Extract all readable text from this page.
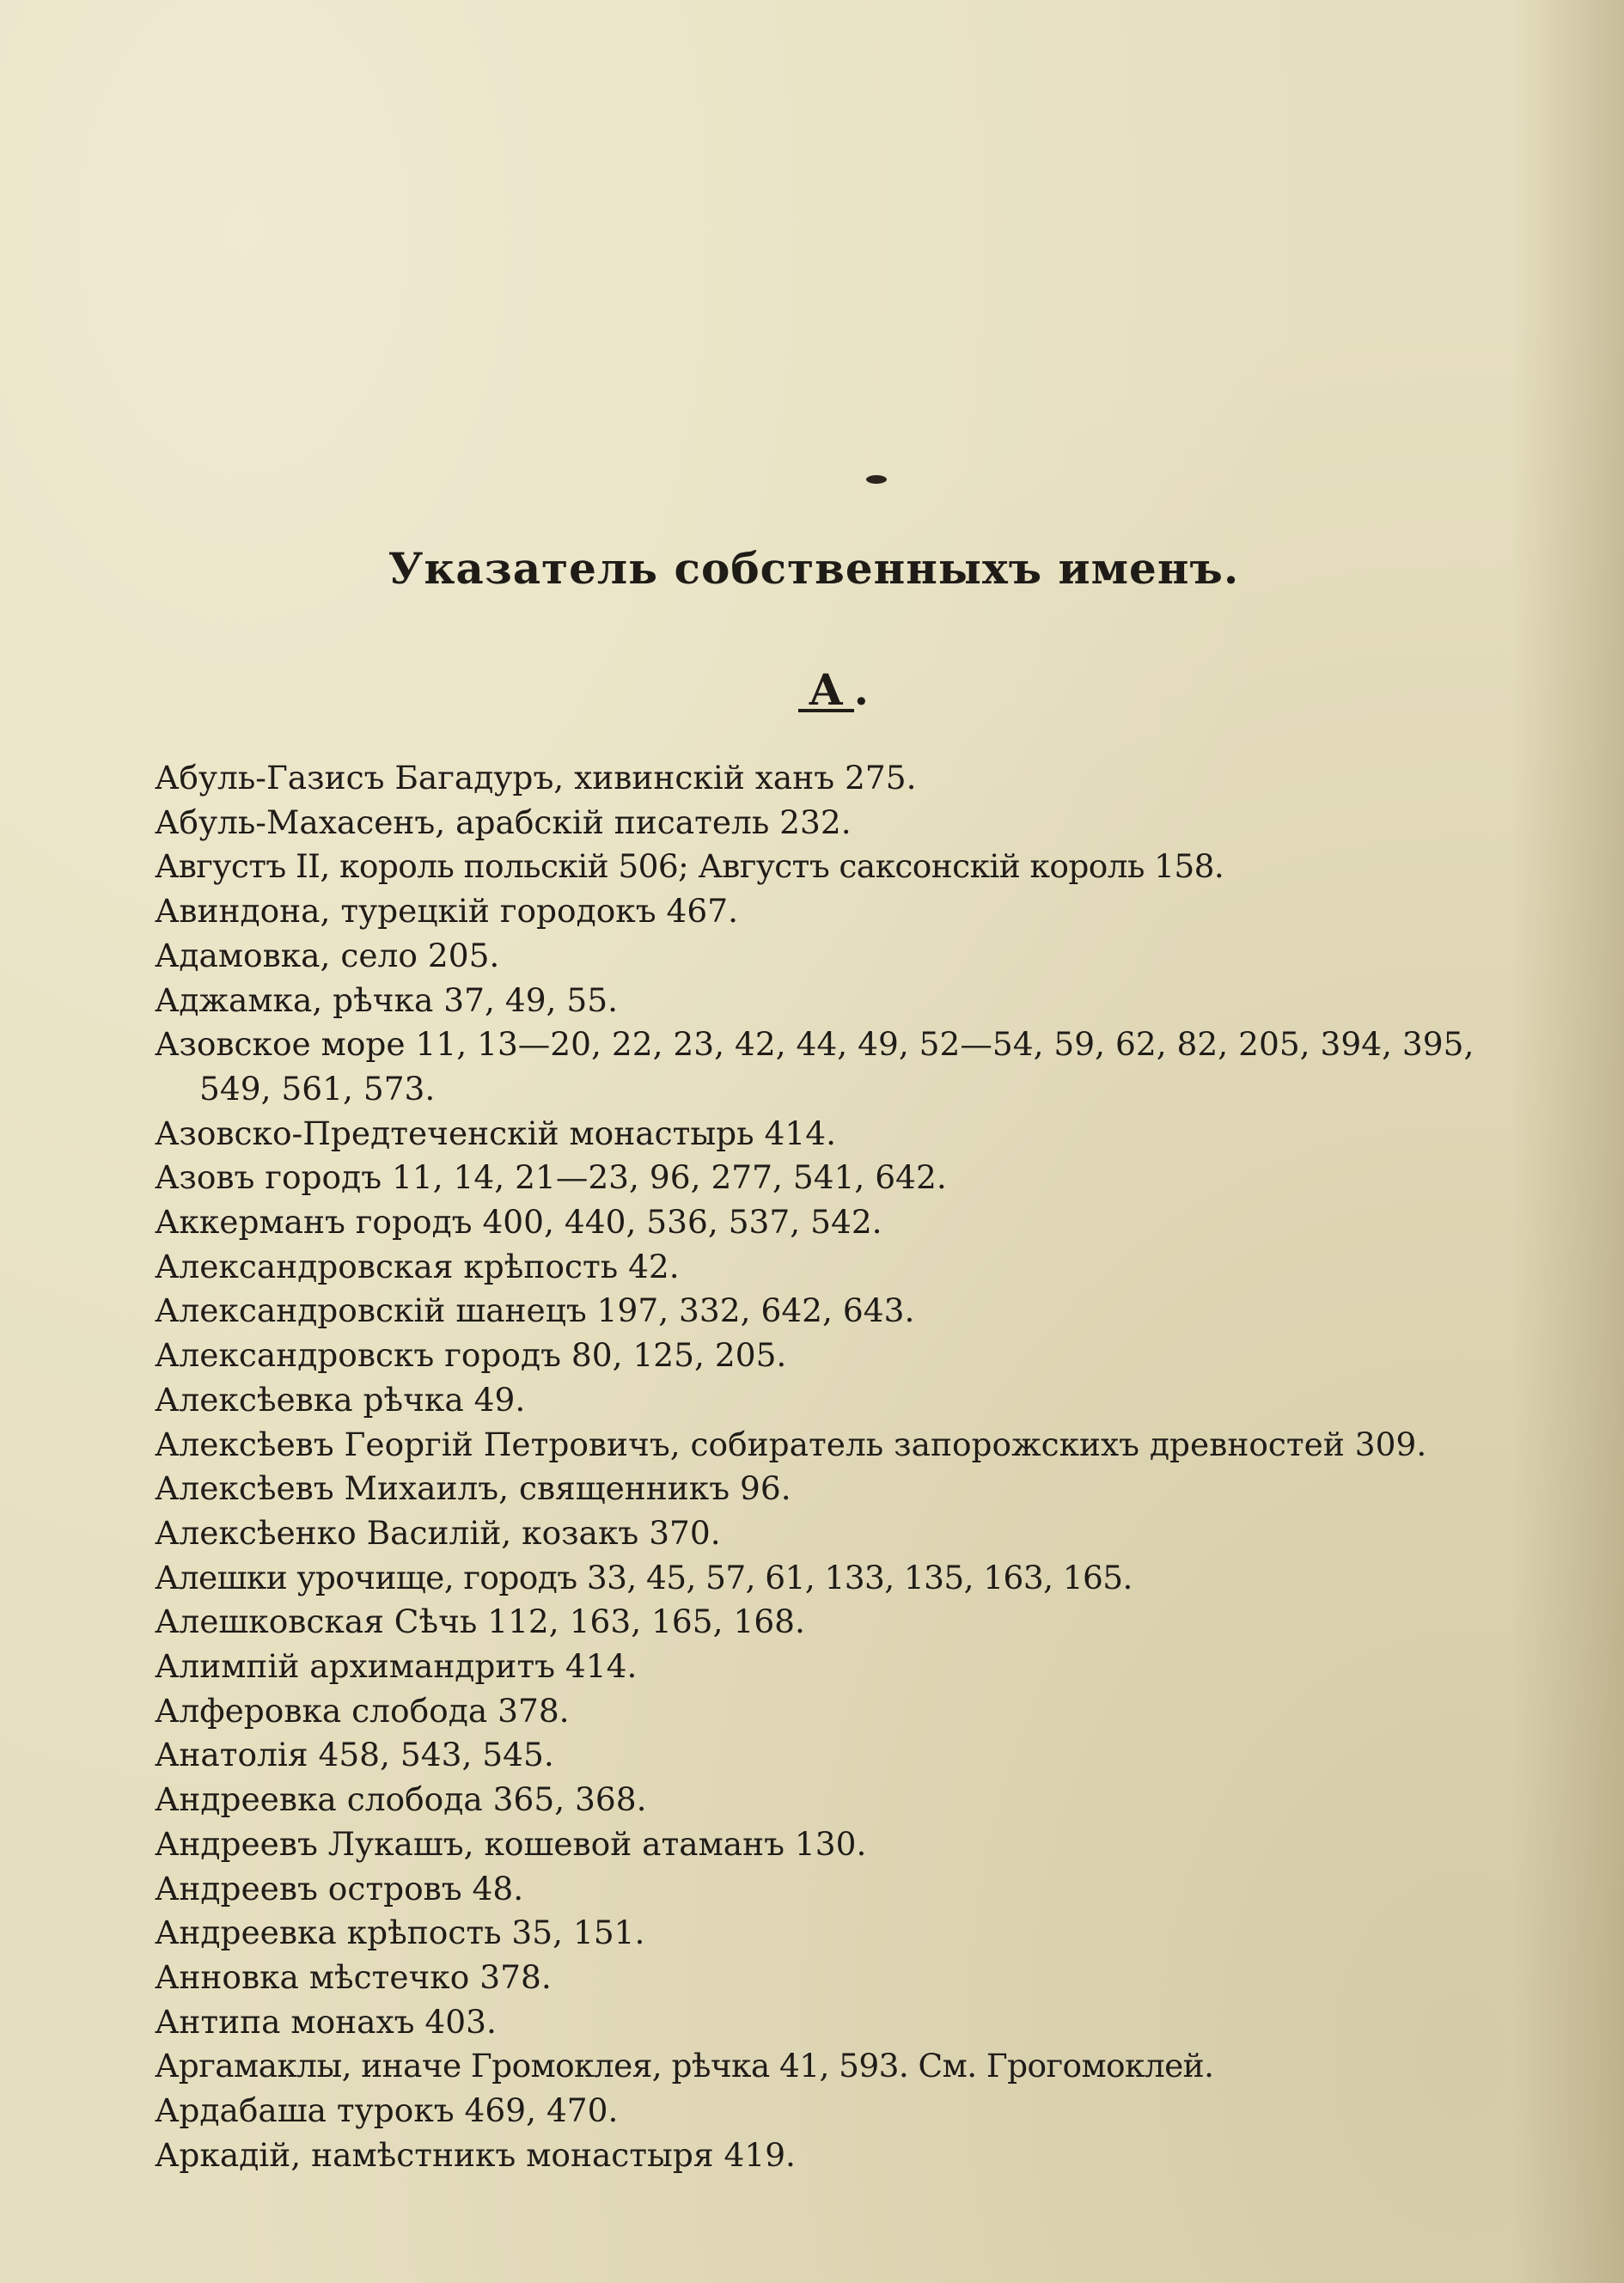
Указатель собственныхъ именъ.
А .
Абуль-Газисъ Багадуръ, хивинскій ханъ 275.
Абуль-Махасенъ, арабскій писатель 232.
Августъ II, король польскій 506; Августъ саксонскій король 158.
Авиндона, турецкій городокъ 467.
Адамовка, село 205.
Аджамка, рѣчка 37, 49, 55.
Азовское море 11, 13—20, 22, 23, 42, 44, 49, 52—54, 59, 62, 82, 205, 394, 395, 549, 561, 573.
Азовско-Предтеченскій монастырь 414.
Азовъ городъ 11, 14, 21—23, 96, 277, 541, 642.
Аккерманъ городъ 400, 440, 536, 537, 542.
Александровская крѣпость 42.
Александровскій шанецъ 197, 332, 642, 643.
Александровскъ городъ 80, 125, 205.
Алексѣевка рѣчка 49.
Алексѣевъ Георгій Петровичъ, собиратель запорожскихъ древностей 309.
Алексѣевъ Михаилъ, священникъ 96.
Алексѣенко Василій, козакъ 370.
Алешки урочище, городъ 33, 45, 57, 61, 133, 135, 163, 165.
Алешковская Сѣчь 112, 163, 165, 168.
Алимпій архимандритъ 414.
Алферовка слобода 378.
Анатолія 458, 543, 545.
Андреевка слобода 365, 368.
Андреевъ Лукашъ, кошевой атаманъ 130.
Андреевъ островъ 48.
Андреевка крѣпость 35, 151.
Анновка мѣстечко 378.
Антипа монахъ 403.
Аргамаклы, иначе Громоклея, рѣчка 41, 593. См. Грогомоклей.
Ардабаша турокъ 469, 470.
Аркадій, намѣстникъ монастыря 419.
